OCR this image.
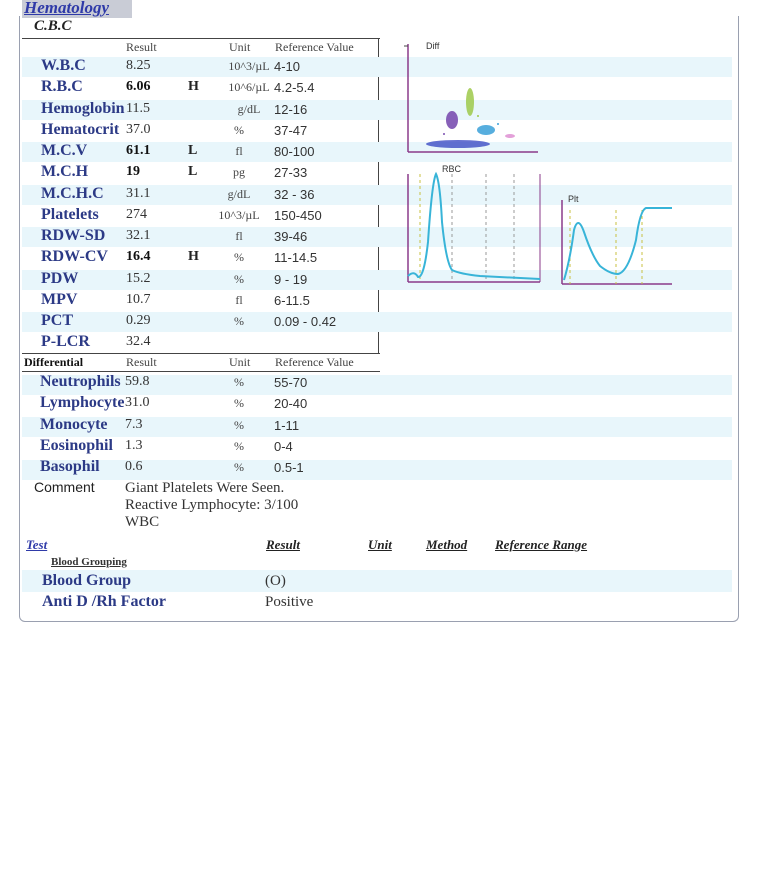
Hematology
C.B.C
Result	Unit Reference Value
W.B.C	8.25	10^3/µL 4-10
R.B.C	6.06	H	10^6/µL 4.2-5.4
Hemoglobin 11.5	g/dL	12-16
Hematocrit 37.0	%	37-47
M.C.V	61.1	L	fl	80-100
M.C.H	19	L	pg	27-33
M.C.H.C 31.1	g/dL	32 - 36
Platelets 274	10^3/µL	150-450
RDW-SD 32.1	fl	39-46
RDW-CV 16.4	H	%	11-14.5
PDW	15.2	%	9 - 19
MPV	10.7	fl	6-11.5
PCT	0.29	%	0.09 - 0.42
P-LCR	32.4
Differential	Result	Unit Reference Value
Neutrophils 59.8	%	55-70
Lymphocyte 31.0	%	20-40
Monocyte 7.3	%	1-11
Eosinophil 1.3	%	0-4
Basophil 0.6	%	0.5-1
Comment Giant Platelets Were Seen.
Reactive Lymphocyte: 3/100
WBC
Test	Result	Unit	Method Reference Range
Blood Grouping
Blood Group	(O)
Anti D /Rh Factor	Positive
Diff
RBC
Plt
